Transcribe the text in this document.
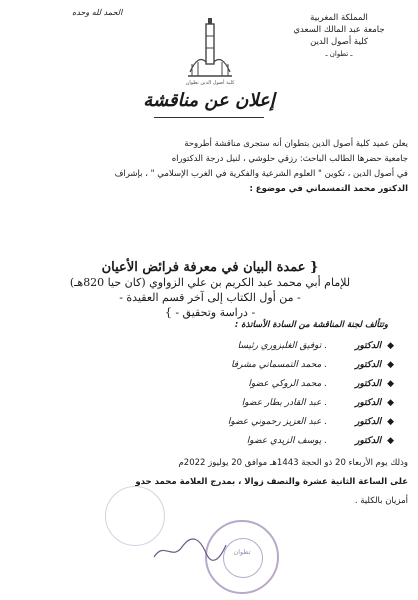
المملكة المغربية
جامعة عبد المالك السعدي
كلية أصول الدين
ـ تطوان ـ
الحمد لله وحده
كلية أصول الدين تطوان
إعلان عن مناقشة
يعلن عميد كلية أصول الدين بتطوان أنه ستجرى مناقشة أطروحة
جامعية حضرها الطالب الباحث: رزقي حلوشي ، لنيل درجة الدكتوراه
في أصول الدين ، تكوين " العلوم الشرعية والفكرية في الغرب الإسلامي " ، بإشراف
الدكتور محمد التمسماني في موضوع :
{ عمدة البيان في معرفة فرائض الأعيان
للإمام أبي محمد عبد الكريم بن علي الزواوي (كان حيا 820هـ)
- من أول الكتاب إلى آخر قسم العقيدة -
- دراسة وتحقيق - }
وتتألف لجنة المناقشة من السادة الأساتذة :
◆
الدكتور
توفيق الغلبزوري رئيسا .
◆
الدكتور
محمد التمسماني مشرفا .
◆
الدكتور
محمد الروكي عضوا .
◆
الدكتور
عبد القادر بطار عضوا .
◆
الدكتور
عبد العزيز رحموني عضوا .
◆
الدكتور
يوسف الزيدي عضوا .
وذلك يوم الأربعاء 20 ذو الحجة 1443هـ موافق 20 يوليوز 2022م
على الساعة الثانية عشرة والنصف زوالا ، بمدرج العلامة محمد حدو
أمزيان بالكلية .
تطوان
